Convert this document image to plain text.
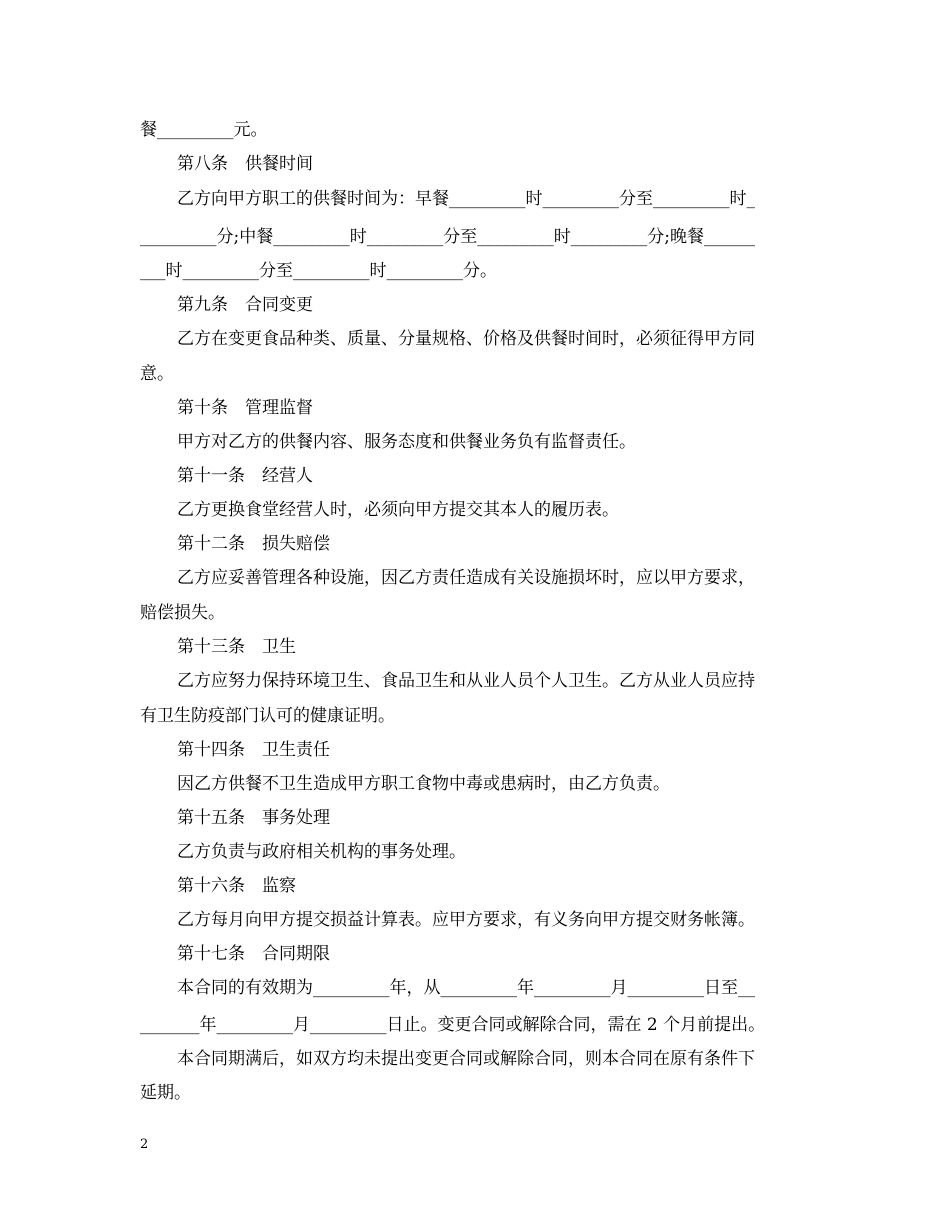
餐_________元。
第八条　供餐时间
乙方向甲方职工的供餐时间为：早餐_________时_________分至_________时_
_________分;中餐_________时_________分至_________时_________分;晚餐______
___时_________分至_________时_________分。
第九条　合同变更
乙方在变更食品种类、质量、分量规格、价格及供餐时间时，必须征得甲方同
意。
第十条　管理监督
甲方对乙方的供餐内容、服务态度和供餐业务负有监督责任。
第十一条　经营人
乙方更换食堂经营人时，必须向甲方提交其本人的履历表。
第十二条　损失赔偿
乙方应妥善管理各种设施，因乙方责任造成有关设施损坏时，应以甲方要求，
赔偿损失。
第十三条　卫生
乙方应努力保持环境卫生、食品卫生和从业人员个人卫生。乙方从业人员应持
有卫生防疫部门认可的健康证明。
第十四条　卫生责任
因乙方供餐不卫生造成甲方职工食物中毒或患病时，由乙方负责。
第十五条　事务处理
乙方负责与政府相关机构的事务处理。
第十六条　监察
乙方每月向甲方提交损益计算表。应甲方要求，有义务向甲方提交财务帐簿。
第十七条　合同期限
本合同的有效期为_________年，从_________年_________月_________日至__
_______年_________月_________日止。变更合同或解除合同，需在 2 个月前提出。
本合同期满后，如双方均未提出变更合同或解除合同，则本合同在原有条件下
延期。
2
